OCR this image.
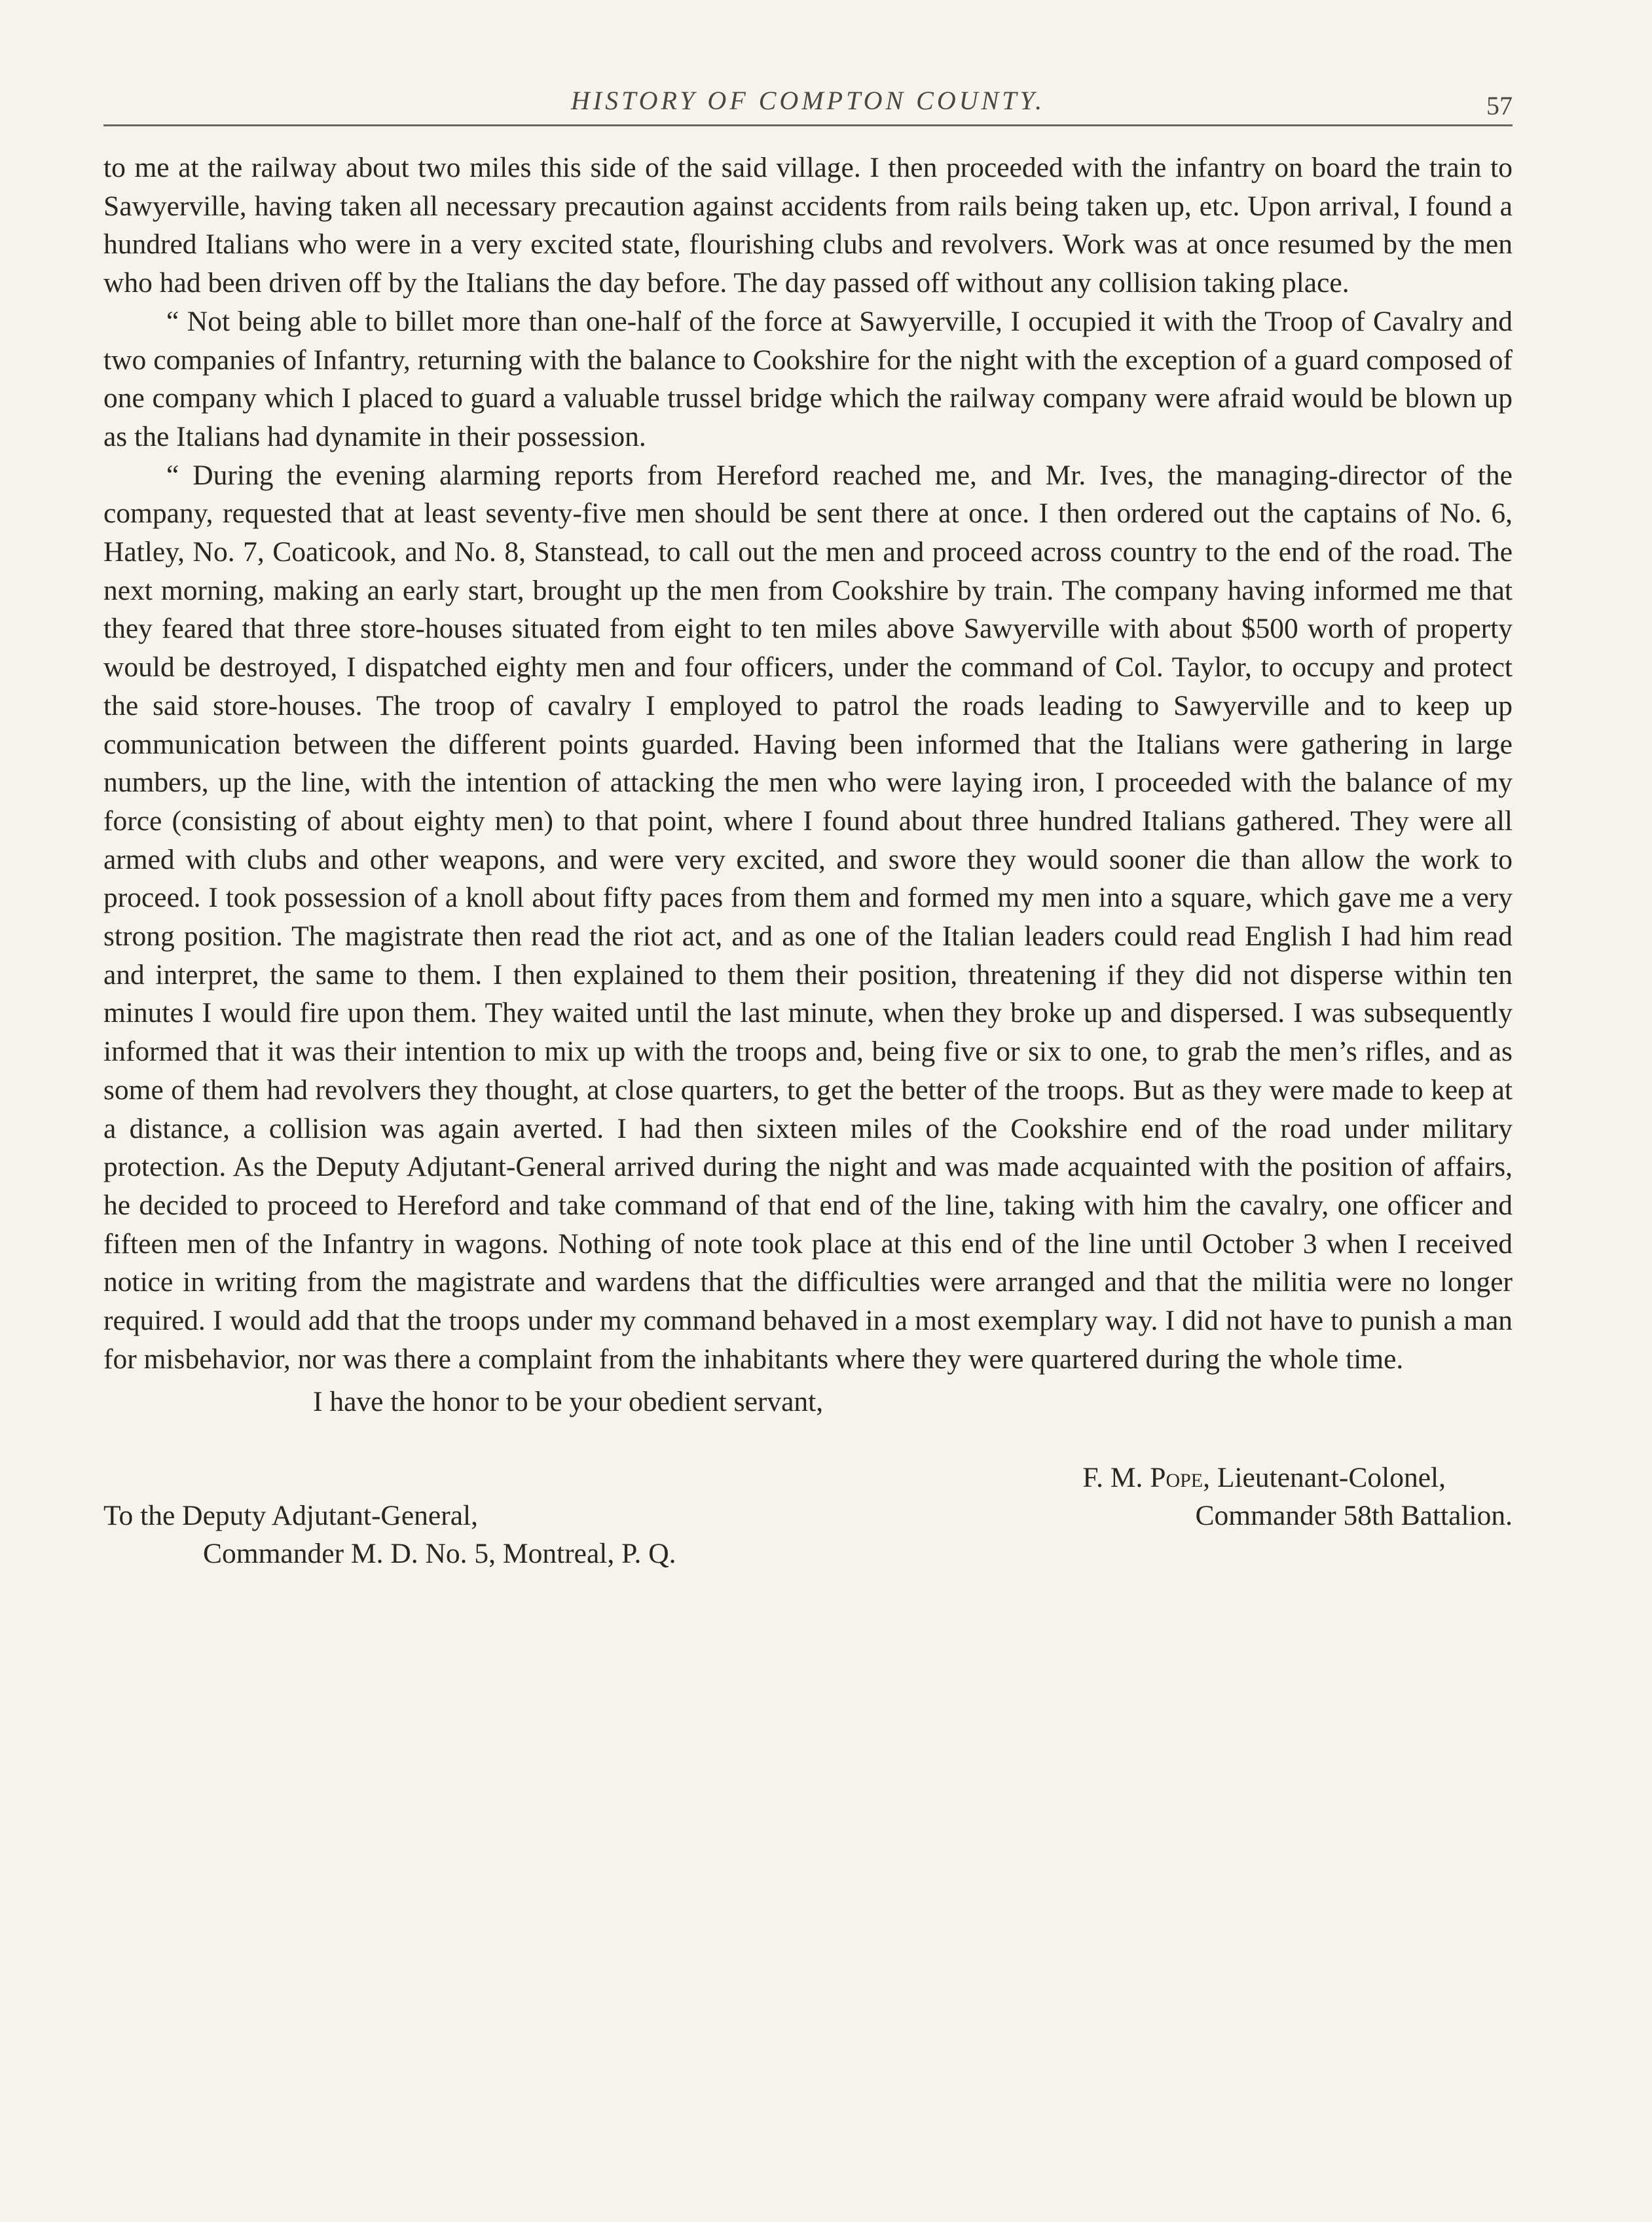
HISTORY OF COMPTON COUNTY.	57

to me at the railway about two miles this side of the said village. I then proceeded with the infantry on board the train to Sawyerville, having taken all necessary precaution against accidents from rails being taken up, etc. Upon arrival, I found a hundred Italians who were in a very excited state, flourishing clubs and revolvers. Work was at once resumed by the men who had been driven off by the Italians the day before. The day passed off without any collision taking place.

“ Not being able to billet more than one-half of the force at Sawyerville, I occupied it with the Troop of Cavalry and two companies of Infantry, returning with the balance to Cookshire for the night with the exception of a guard composed of one company which I placed to guard a valuable trussel bridge which the railway company were afraid would be blown up as the Italians had dynamite in their possession.

“ During the evening alarming reports from Hereford reached me, and Mr. Ives, the managing-director of the company, requested that at least seventy-five men should be sent there at once. I then ordered out the captains of No. 6, Hatley, No. 7, Coaticook, and No. 8, Stanstead, to call out the men and proceed across country to the end of the road. The next morning, making an early start, brought up the men from Cookshire by train. The company having informed me that they feared that three store-houses situated from eight to ten miles above Sawyerville with about $500 worth of property would be destroyed, I dispatched eighty men and four officers, under the command of Col. Taylor, to occupy and protect the said store-houses. The troop of cavalry I employed to patrol the roads leading to Sawyerville and to keep up communication between the different points guarded. Having been informed that the Italians were gathering in large numbers, up the line, with the intention of attacking the men who were laying iron, I proceeded with the balance of my force (consisting of about eighty men) to that point, where I found about three hundred Italians gathered. They were all armed with clubs and other weapons, and were very excited, and swore they would sooner die than allow the work to proceed. I took possession of a knoll about fifty paces from them and formed my men into a square, which gave me a very strong position. The magistrate then read the riot act, and as one of the Italian leaders could read English I had him read and interpret, the same to them. I then explained to them their position, threatening if they did not disperse within ten minutes I would fire upon them. They waited until the last minute, when they broke up and dispersed. I was subsequently informed that it was their intention to mix up with the troops and, being five or six to one, to grab the men’s rifles, and as some of them had revolvers they thought, at close quarters, to get the better of the troops. But as they were made to keep at a distance, a collision was again averted. I had then sixteen miles of the Cookshire end of the road under military protection. As the Deputy Adjutant-General arrived during the night and was made acquainted with the position of affairs, he decided to proceed to Hereford and take command of that end of the line, taking with him the cavalry, one officer and fifteen men of the Infantry in wagons. Nothing of note took place at this end of the line until October 3 when I received notice in writing from the magistrate and wardens that the difficulties were arranged and that the militia were no longer required. I would add that the troops under my command behaved in a most exemplary way. I did not have to punish a man for misbehavior, nor was there a complaint from the inhabitants where they were quartered during the whole time.

I have the honor to be your obedient servant,
F. M. Pope, Lieutenant-Colonel,
Commander 58th Battalion.
To the Deputy Adjutant-General,
Commander M. D. No. 5, Montreal, P. Q.
